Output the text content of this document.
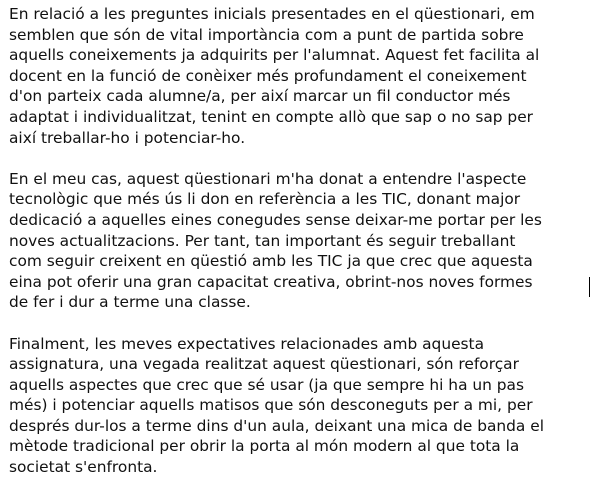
En relació a les preguntes inicials presentades en el qüestionari, em
semblen que són de vital importància com a punt de partida sobre
aquells coneixements ja adquirits per l'alumnat. Aquest fet facilita al
docent en la funció de conèixer més profundament el coneixement
d'on parteix cada alumne/a, per així marcar un fil conductor més
adaptat i individualitzat, tenint en compte allò que sap o no sap per
així treballar-ho i potenciar-ho.

En el meu cas, aquest qüestionari m'ha donat a entendre l'aspecte
tecnològic que més ús li don en referència a les TIC, donant major
dedicació a aquelles eines conegudes sense deixar-me portar per les
noves actualitzacions. Per tant, tan important és seguir treballant
com seguir creixent en qüestió amb les TIC ja que crec que aquesta
eina pot oferir una gran capacitat creativa, obrint-nos noves formes
de fer i dur a terme una classe.

Finalment, les meves expectatives relacionades amb aquesta
assignatura, una vegada realitzat aquest qüestionari, són reforçar
aquells aspectes que crec que sé usar (ja que sempre hi ha un pas
més) i potenciar aquells matisos que són desconeguts per a mi, per
després dur-los a terme dins d'un aula, deixant una mica de banda el
mètode tradicional per obrir la porta al món modern al que tota la
societat s'enfronta.
